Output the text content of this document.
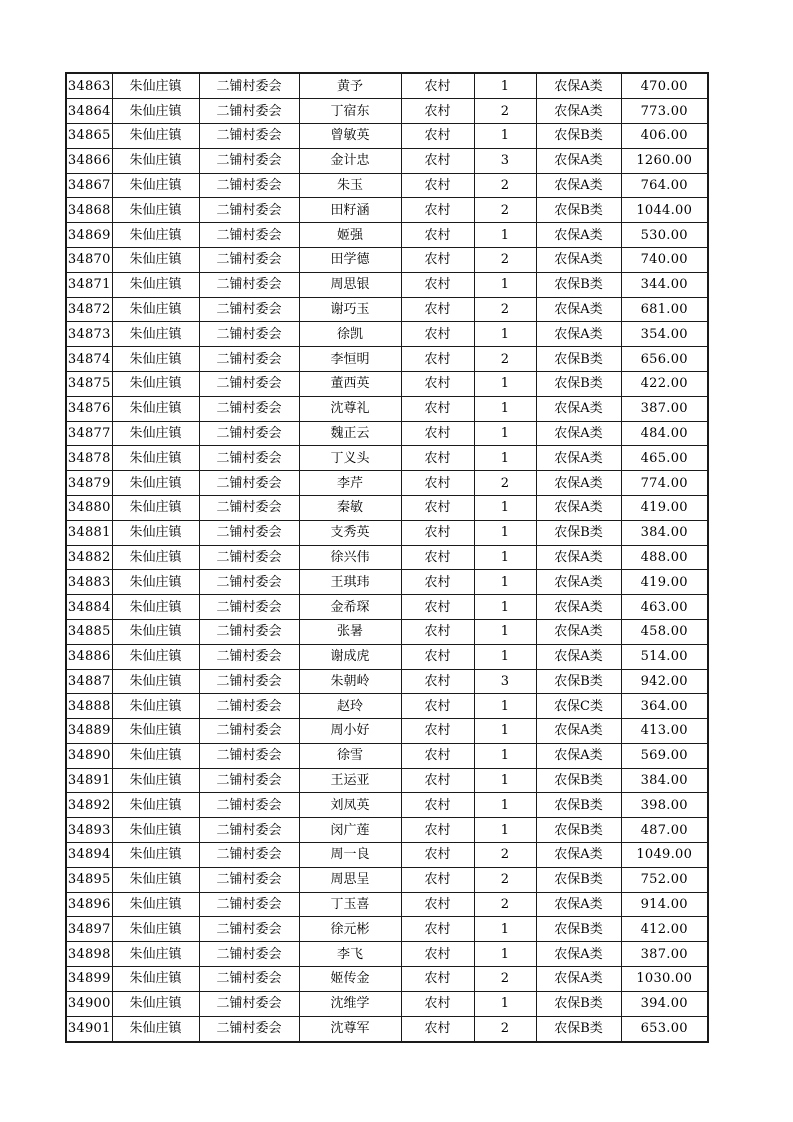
34863	朱仙庄镇	二铺村委会	黄予	农村	1	农保A类	470.00
34864	朱仙庄镇	二铺村委会	丁宿东	农村	2	农保A类	773.00
34865	朱仙庄镇	二铺村委会	曾敏英	农村	1	农保B类	406.00
34866	朱仙庄镇	二铺村委会	金计忠	农村	3	农保A类	1260.00
34867	朱仙庄镇	二铺村委会	朱玉	农村	2	农保A类	764.00
34868	朱仙庄镇	二铺村委会	田籽涵	农村	2	农保B类	1044.00
34869	朱仙庄镇	二铺村委会	姬强	农村	1	农保A类	530.00
34870	朱仙庄镇	二铺村委会	田学德	农村	2	农保A类	740.00
34871	朱仙庄镇	二铺村委会	周思银	农村	1	农保B类	344.00
34872	朱仙庄镇	二铺村委会	谢巧玉	农村	2	农保A类	681.00
34873	朱仙庄镇	二铺村委会	徐凯	农村	1	农保A类	354.00
34874	朱仙庄镇	二铺村委会	李恒明	农村	2	农保B类	656.00
34875	朱仙庄镇	二铺村委会	董西英	农村	1	农保B类	422.00
34876	朱仙庄镇	二铺村委会	沈尊礼	农村	1	农保A类	387.00
34877	朱仙庄镇	二铺村委会	魏正云	农村	1	农保A类	484.00
34878	朱仙庄镇	二铺村委会	丁义头	农村	1	农保A类	465.00
34879	朱仙庄镇	二铺村委会	李芹	农村	2	农保A类	774.00
34880	朱仙庄镇	二铺村委会	秦敏	农村	1	农保A类	419.00
34881	朱仙庄镇	二铺村委会	支秀英	农村	1	农保B类	384.00
34882	朱仙庄镇	二铺村委会	徐兴伟	农村	1	农保A类	488.00
34883	朱仙庄镇	二铺村委会	王琪玮	农村	1	农保A类	419.00
34884	朱仙庄镇	二铺村委会	金希琛	农村	1	农保A类	463.00
34885	朱仙庄镇	二铺村委会	张暑	农村	1	农保A类	458.00
34886	朱仙庄镇	二铺村委会	谢成虎	农村	1	农保A类	514.00
34887	朱仙庄镇	二铺村委会	朱朝岭	农村	3	农保B类	942.00
34888	朱仙庄镇	二铺村委会	赵玲	农村	1	农保C类	364.00
34889	朱仙庄镇	二铺村委会	周小好	农村	1	农保A类	413.00
34890	朱仙庄镇	二铺村委会	徐雪	农村	1	农保A类	569.00
34891	朱仙庄镇	二铺村委会	王运亚	农村	1	农保B类	384.00
34892	朱仙庄镇	二铺村委会	刘凤英	农村	1	农保B类	398.00
34893	朱仙庄镇	二铺村委会	闵广莲	农村	1	农保B类	487.00
34894	朱仙庄镇	二铺村委会	周一良	农村	2	农保A类	1049.00
34895	朱仙庄镇	二铺村委会	周思呈	农村	2	农保B类	752.00
34896	朱仙庄镇	二铺村委会	丁玉喜	农村	2	农保A类	914.00
34897	朱仙庄镇	二铺村委会	徐元彬	农村	1	农保B类	412.00
34898	朱仙庄镇	二铺村委会	李飞	农村	1	农保A类	387.00
34899	朱仙庄镇	二铺村委会	姬传金	农村	2	农保A类	1030.00
34900	朱仙庄镇	二铺村委会	沈维学	农村	1	农保B类	394.00
34901	朱仙庄镇	二铺村委会	沈尊军	农村	2	农保B类	653.00
